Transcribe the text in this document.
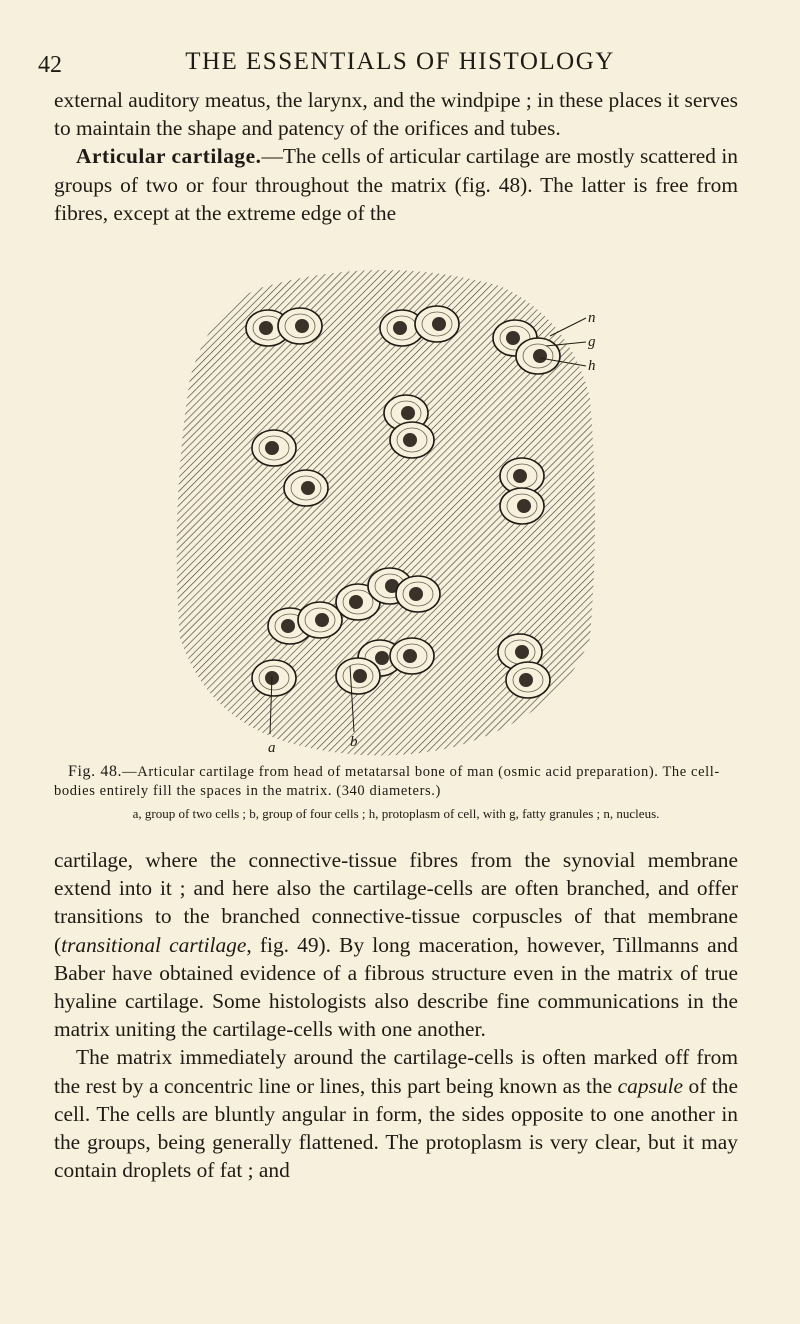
42	THE ESSENTIALS OF HISTOLOGY

external auditory meatus, the larynx, and the windpipe ; in these places it serves to maintain the shape and patency of the orifices and tubes.

Articular cartilage.—The cells of articular cartilage are mostly scattered in groups of two or four throughout the matrix (fig. 48). The latter is free from fibres, except at the extreme edge of the

a	b
n
g
h
Fig. 48.—Articular cartilage from head of metatarsal bone of man (osmic acid preparation). The cell-bodies entirely fill the spaces in the matrix. (340 diameters.)
a, group of two cells ; b, group of four cells ; h, protoplasm of cell, with g, fatty granules ; n, nucleus.

cartilage, where the connective-tissue fibres from the synovial membrane extend into it ; and here also the cartilage-cells are often branched, and offer transitions to the branched connective-tissue corpuscles of that membrane (transitional cartilage, fig. 49). By long maceration, however, Tillmanns and Baber have obtained evidence of a fibrous structure even in the matrix of true hyaline cartilage. Some histologists also describe fine communications in the matrix uniting the cartilage-cells with one another.

The matrix immediately around the cartilage-cells is often marked off from the rest by a concentric line or lines, this part being known as the capsule of the cell. The cells are bluntly angular in form, the sides opposite to one another in the groups, being generally flattened. The protoplasm is very clear, but it may contain droplets of fat ; and
